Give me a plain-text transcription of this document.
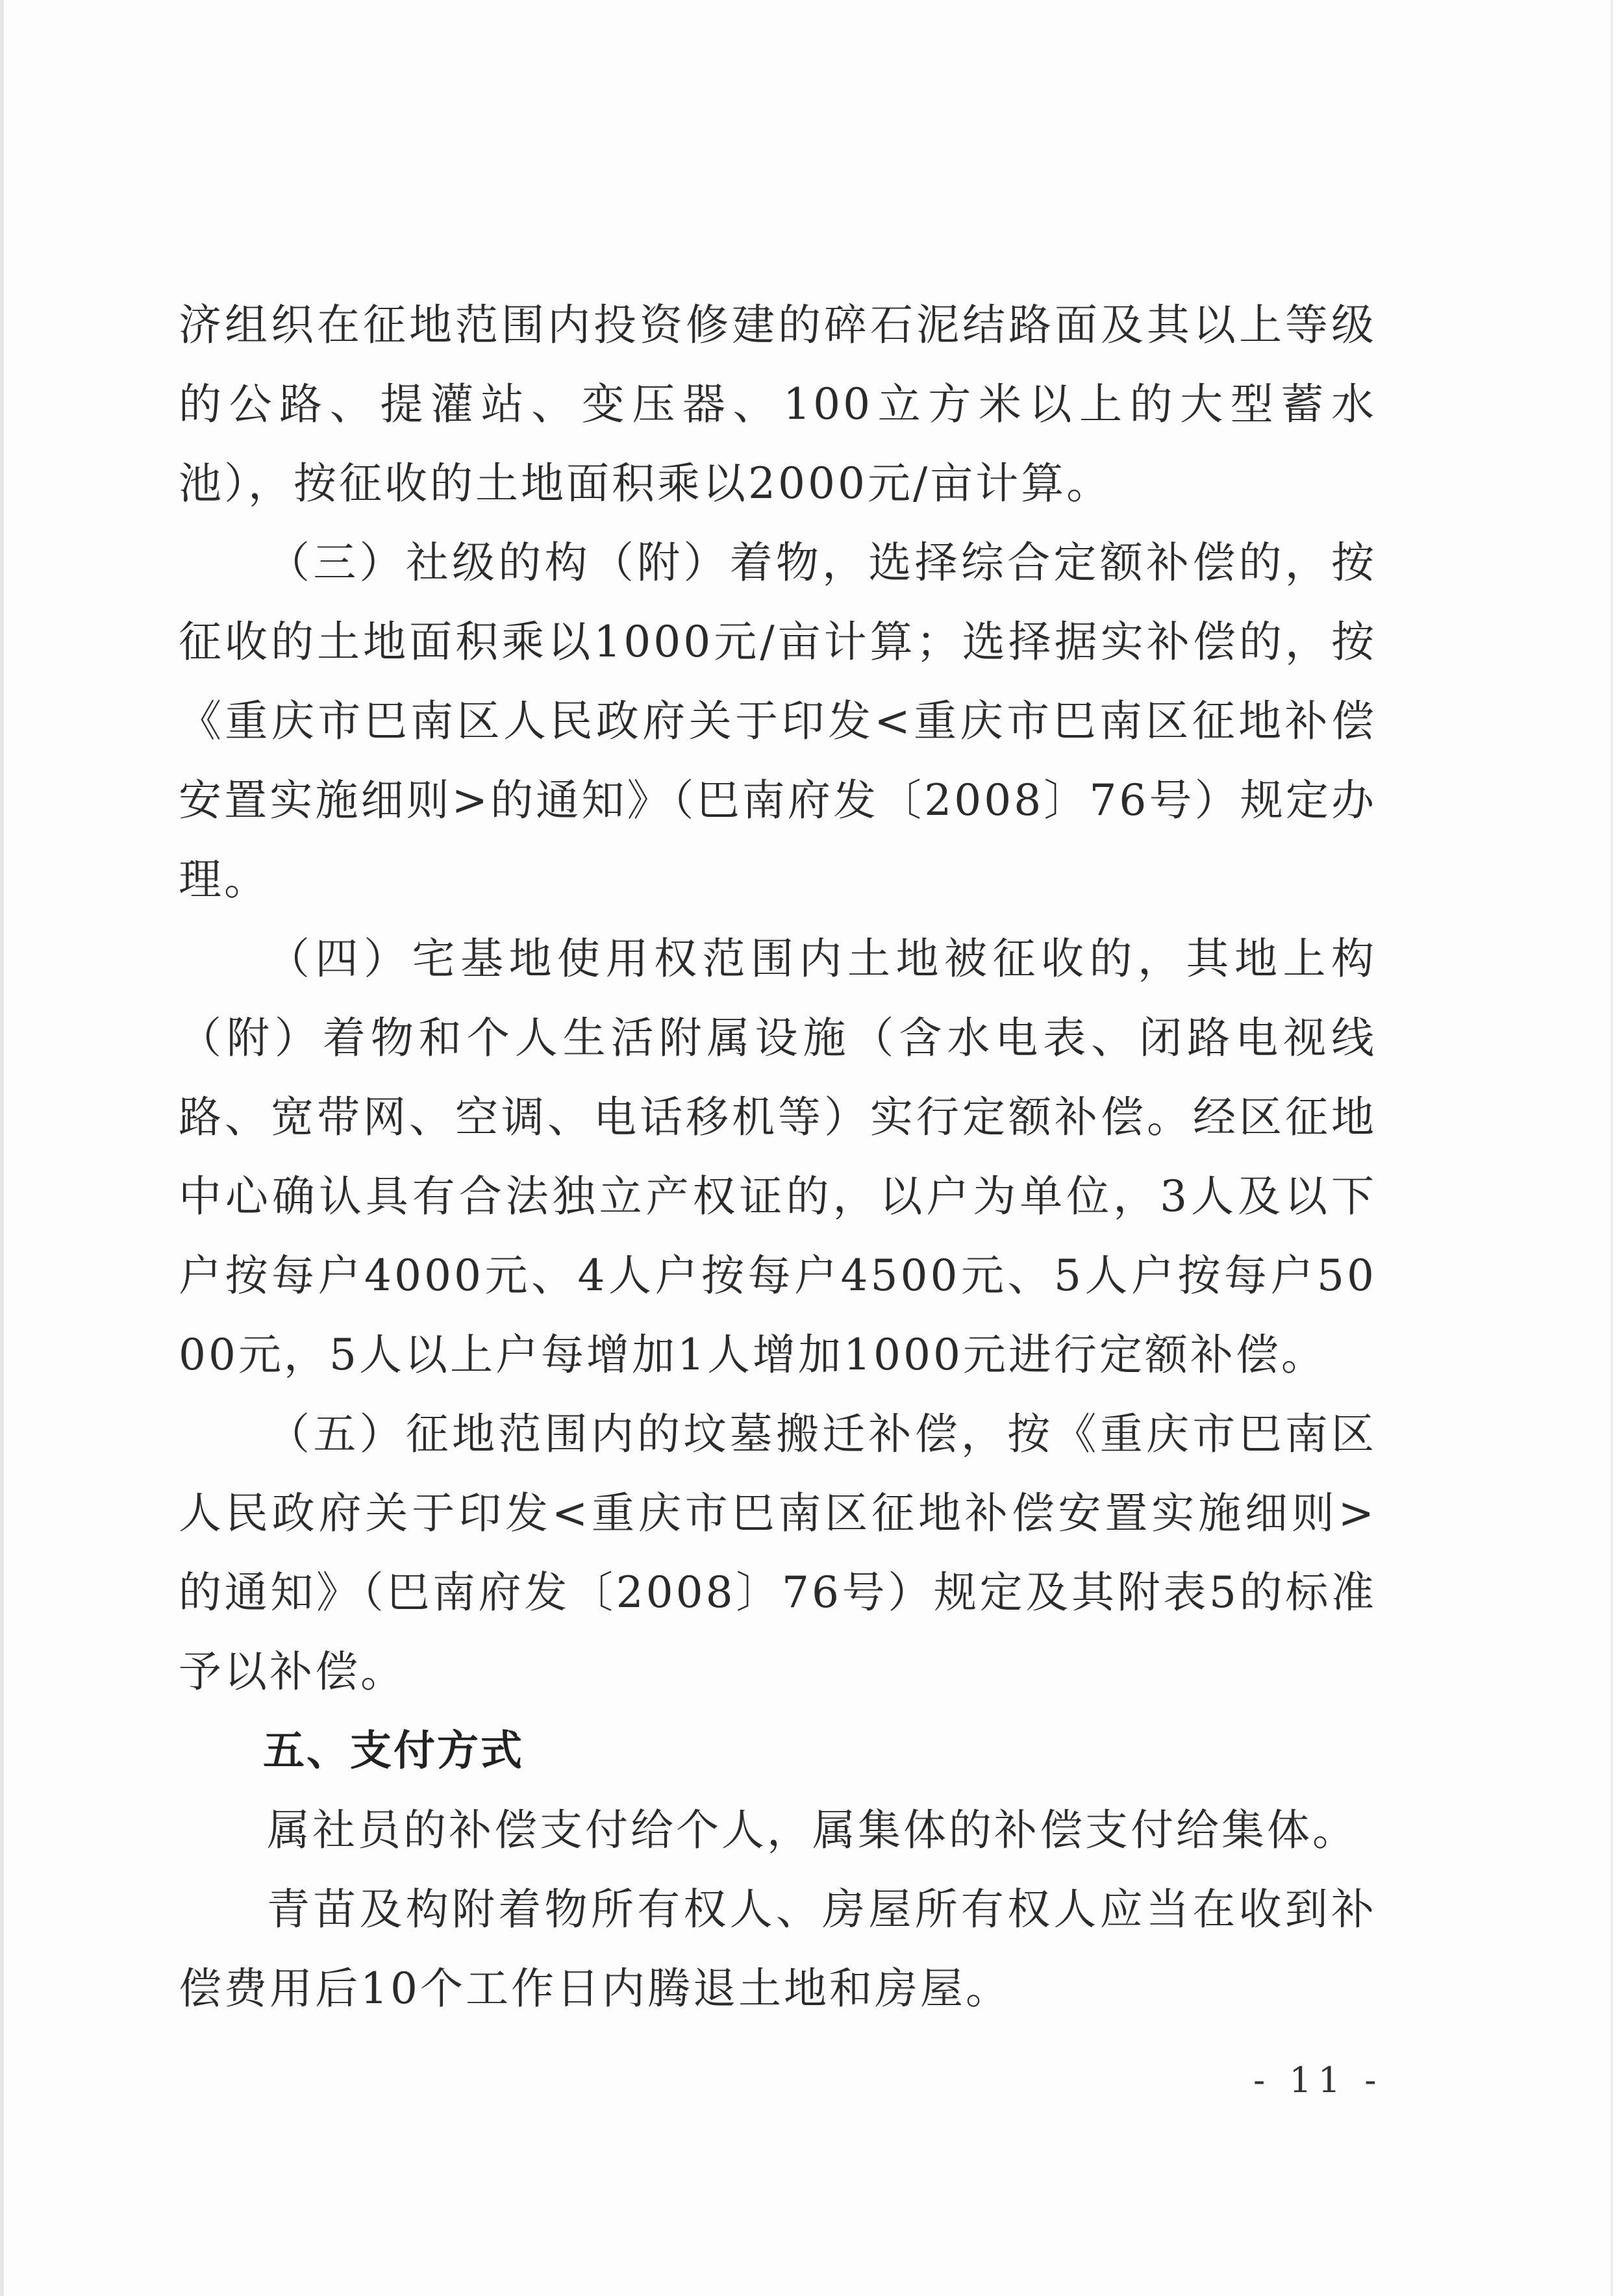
济组织在征地范围内投资修建的碎石泥结路面及其以上等级的公路、提灌站、变压器、100立方米以上的大型蓄水池），按征收的土地面积乘以2000元/亩计算。

（三）社级的构（附）着物，选择综合定额补偿的，按征收的土地面积乘以1000元/亩计算；选择据实补偿的，按《重庆市巴南区人民政府关于印发<重庆市巴南区征地补偿安置实施细则>的通知》（巴南府发〔2008〕76号）规定办理。

（四）宅基地使用权范围内土地被征收的，其地上构（附）着物和个人生活附属设施（含水电表、闭路电视线路、宽带网、空调、电话移机等）实行定额补偿。经区征地中心确认具有合法独立产权证的，以户为单位，3人及以下户按每户4000元、4人户按每户4500元、5人户按每户5000元，5人以上户每增加1人增加1000元进行定额补偿。

（五）征地范围内的坟墓搬迁补偿，按《重庆市巴南区人民政府关于印发<重庆市巴南区征地补偿安置实施细则>的通知》（巴南府发〔2008〕76号）规定及其附表5的标准予以补偿。

五、支付方式

属社员的补偿支付给个人，属集体的补偿支付给集体。

青苗及构附着物所有权人、房屋所有权人应当在收到补偿费用后10个工作日内腾退土地和房屋。

- 11 -
